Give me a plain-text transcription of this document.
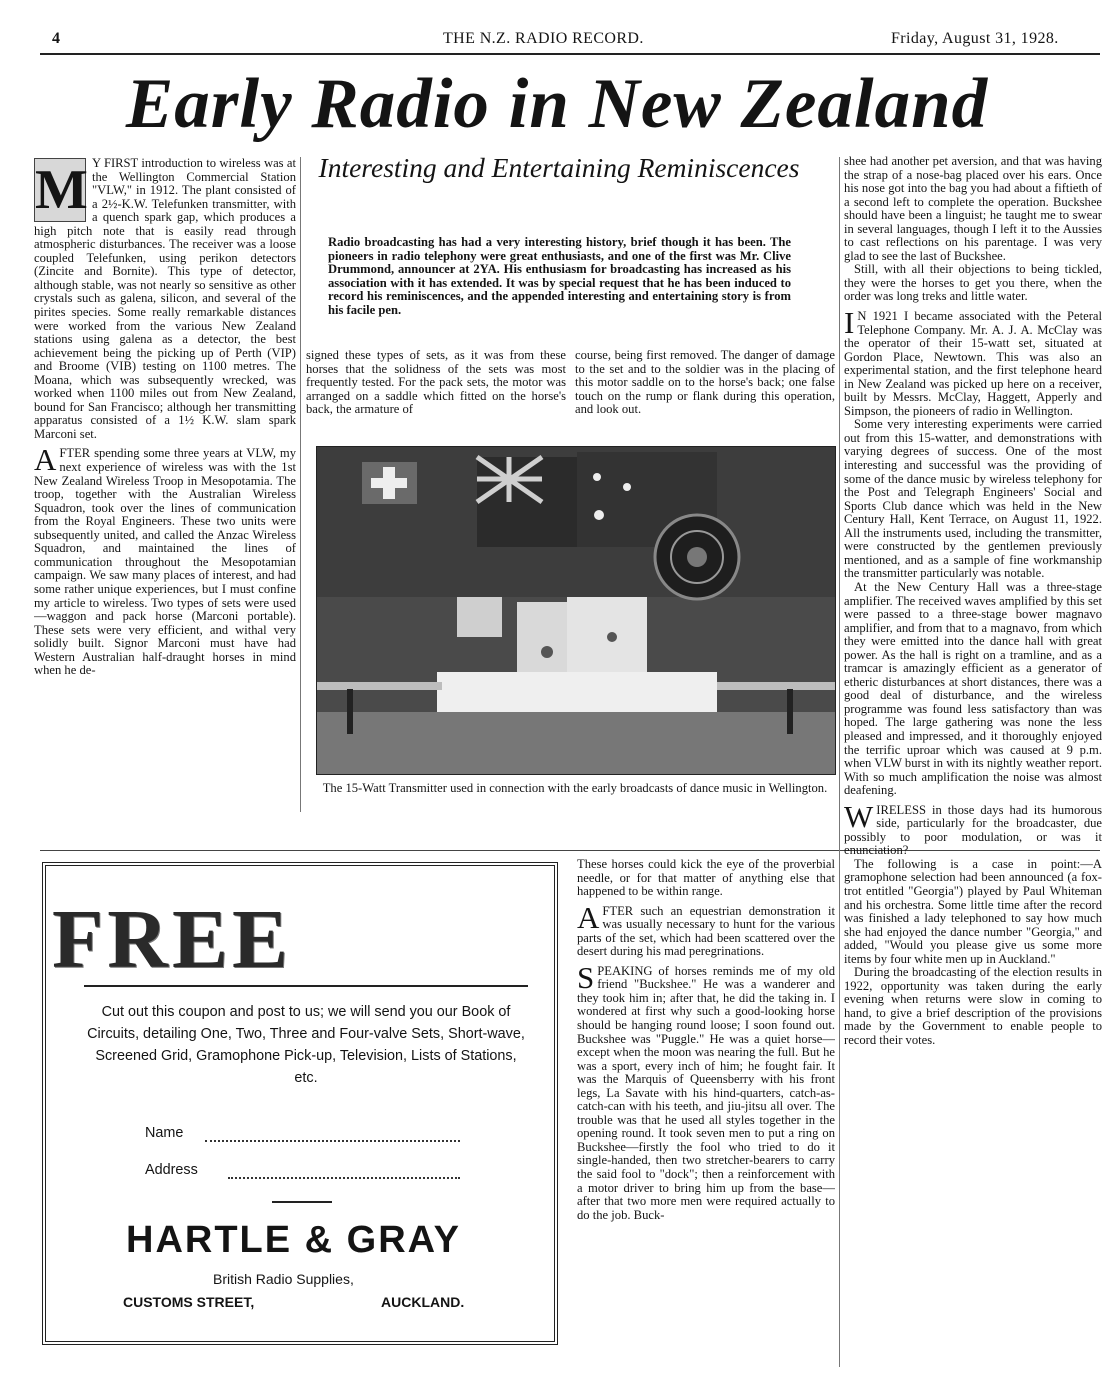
4	THE N.Z. RADIO RECORD.	Friday, August 31, 1928.
Early Radio in New Zealand
Interesting and Entertaining Reminiscences
Radio broadcasting has had a very interesting history, brief though it has been. The pioneers in radio telephony were great enthusiasts, and one of the first was Mr. Clive Drummond, announcer at 2YA. His enthusiasm for broadcasting has increased as his association with it has extended. It was by special request that he has been induced to record his reminiscences, and the appended interesting and entertaining story is from his facile pen.

M Y FIRST introduction to wireless was at the Wellington Commercial Station "VLW," in 1912. The plant consisted of a 2½-K.W. Telefunken transmitter, with a quench spark gap, which produces a high pitch note that is easily read through atmospheric disturbances. The receiver was a loose coupled Telefunken, using perikon detectors (Zincite and Bornite). This type of detector, although stable, was not nearly so sensitive as other crystals such as galena, silicon, and several of the pirites species. Some really remarkable distances were worked from the various New Zealand stations using galena as a detector, the best achievement being the picking up of Perth (VIP) and Broome (VIB) testing on 1100 metres. The Moana, which was subsequently wrecked, was worked when 1100 miles out from New Zealand, bound for San Francisco; although her transmitting apparatus consisted of a 1½ K.W. slam spark Marconi set.

AFTER spending some three years at VLW, my next experience of wireless was with the 1st New Zealand Wireless Troop in Mesopotamia. The troop, together with the Australian Wireless Squadron, took over the lines of communication from the Royal Engineers. These two units were subsequently united, and called the Anzac Wireless Squadron, and maintained the lines of communication throughout the Mesopotamian campaign. We saw many places of interest, and had some rather unique experiences, but I must confine my article to wireless. Two types of sets were used—waggon and pack horse (Marconi portable). These sets were very efficient, and withal very solidly built. Signor Marconi must have had Western Australian half-draught horses in mind when he de-

signed these types of sets, as it was from these horses that the solidness of the sets was most frequently tested. For the pack sets, the motor was arranged on a saddle which fitted on the horse's back, the armature of

course, being first removed. The danger of damage to the set and to the soldier was in the placing of this motor saddle on to the horse's back; one false touch on the rump or flank during this operation, and look out.

The 15-Watt Transmitter used in connection with the early broadcasts of dance music in Wellington.

These horses could kick the eye of the proverbial needle, or for that matter of anything else that happened to be within range.

AFTER such an equestrian demonstration it was usually necessary to hunt for the various parts of the set, which had been scattered over the desert during his mad peregrinations.

SPEAKING of horses reminds me of my old friend "Buckshee." He was a wanderer and they took him in; after that, he did the taking in. I wondered at first why such a good-looking horse should be hanging round loose; I soon found out. Buckshee was "Puggle." He was a quiet horse—except when the moon was nearing the full. But he was a sport, every inch of him; he fought fair. It was the Marquis of Queensberry with his front legs, La Savate with his hind-quarters, catch-as-catch-can with his teeth, and jiu-jitsu all over. The trouble was that he used all styles together in the opening round. It took seven men to put a ring on Buckshee—firstly the fool who tried to do it single-handed, then two stretcher-bearers to carry the said fool to "dock"; then a reinforcement with a motor driver to bring him up from the base—after that two more men were required actually to do the job. Buck-

shee had another pet aversion, and that was having the strap of a nose-bag placed over his ears. Once his nose got into the bag you had about a fiftieth of a second left to complete the operation. Buckshee should have been a linguist; he taught me to swear in several languages, though I left it to the Aussies to cast reflections on his parentage. I was very glad to see the last of Buckshee.

Still, with all their objections to being tickled, they were the horses to get you there, when the order was long treks and little water.

I N 1921 I became associated with the Peteral Telephone Company. Mr. A. J. A. McClay was the operator of their 15-watt set, situated at Gordon Place, Newtown. This was also an experimental station, and the first telephone heard in New Zealand was picked up here on a receiver, built by Messrs. McClay, Haggett, Apperly and Simpson, the pioneers of radio in Wellington.

Some very interesting experiments were carried out from this 15-watter, and demonstrations with varying degrees of success. One of the most interesting and successful was the providing of some of the dance music by wireless telephony for the Post and Telegraph Engineers' Social and Sports Club dance which was held in the New Century Hall, Kent Terrace, on August 11, 1922. All the instruments used, including the transmitter, were constructed by the gentlemen previously mentioned, and as a sample of fine workmanship the transmitter particularly was notable.

At the New Century Hall was a three-stage amplifier. The received waves amplified by this set were passed to a three-stage bower magnavo amplifier, and from that to a magnavo, from which they were emitted into the dance hall with great power. As the hall is right on a tramline, and as a tramcar is amazingly efficient as a generator of etheric disturbances at short distances, there was a good deal of disturbance, and the wireless programme was found less satisfactory than was hoped. The large gathering was none the less pleased and impressed, and it thoroughly enjoyed the terrific uproar which was caused at 9 p.m. when VLW burst in with its nightly weather report. With so much amplification the noise was almost deafening.

WIRELESS in those days had its humorous side, particularly for the broadcaster, due possibly to poor modulation, or was it enunciation?

The following is a case in point:—A gramophone selection had been announced (a fox-trot entitled "Georgia") played by Paul Whiteman and his orchestra. Some little time after the record was finished a lady telephoned to say how much she had enjoyed the dance number "Georgia," and added, "Would you please give us some more items by four white men up in Auckland."

During the broadcasting of the election results in 1922, opportunity was taken during the early evening when returns were slow in coming to hand, to give a brief description of the provisions made by the Government to enable people to record their votes.

FREE
Cut out this coupon and post to us; we will send you our Book of Circuits, detailing One, Two, Three and Four-valve Sets, Short-wave, Screened Grid, Gramophone Pick-up, Television, Lists of Stations, etc.
Name
Address
HARTLE & GRAY
British Radio Supplies,
CUSTOMS STREET,	AUCKLAND.
